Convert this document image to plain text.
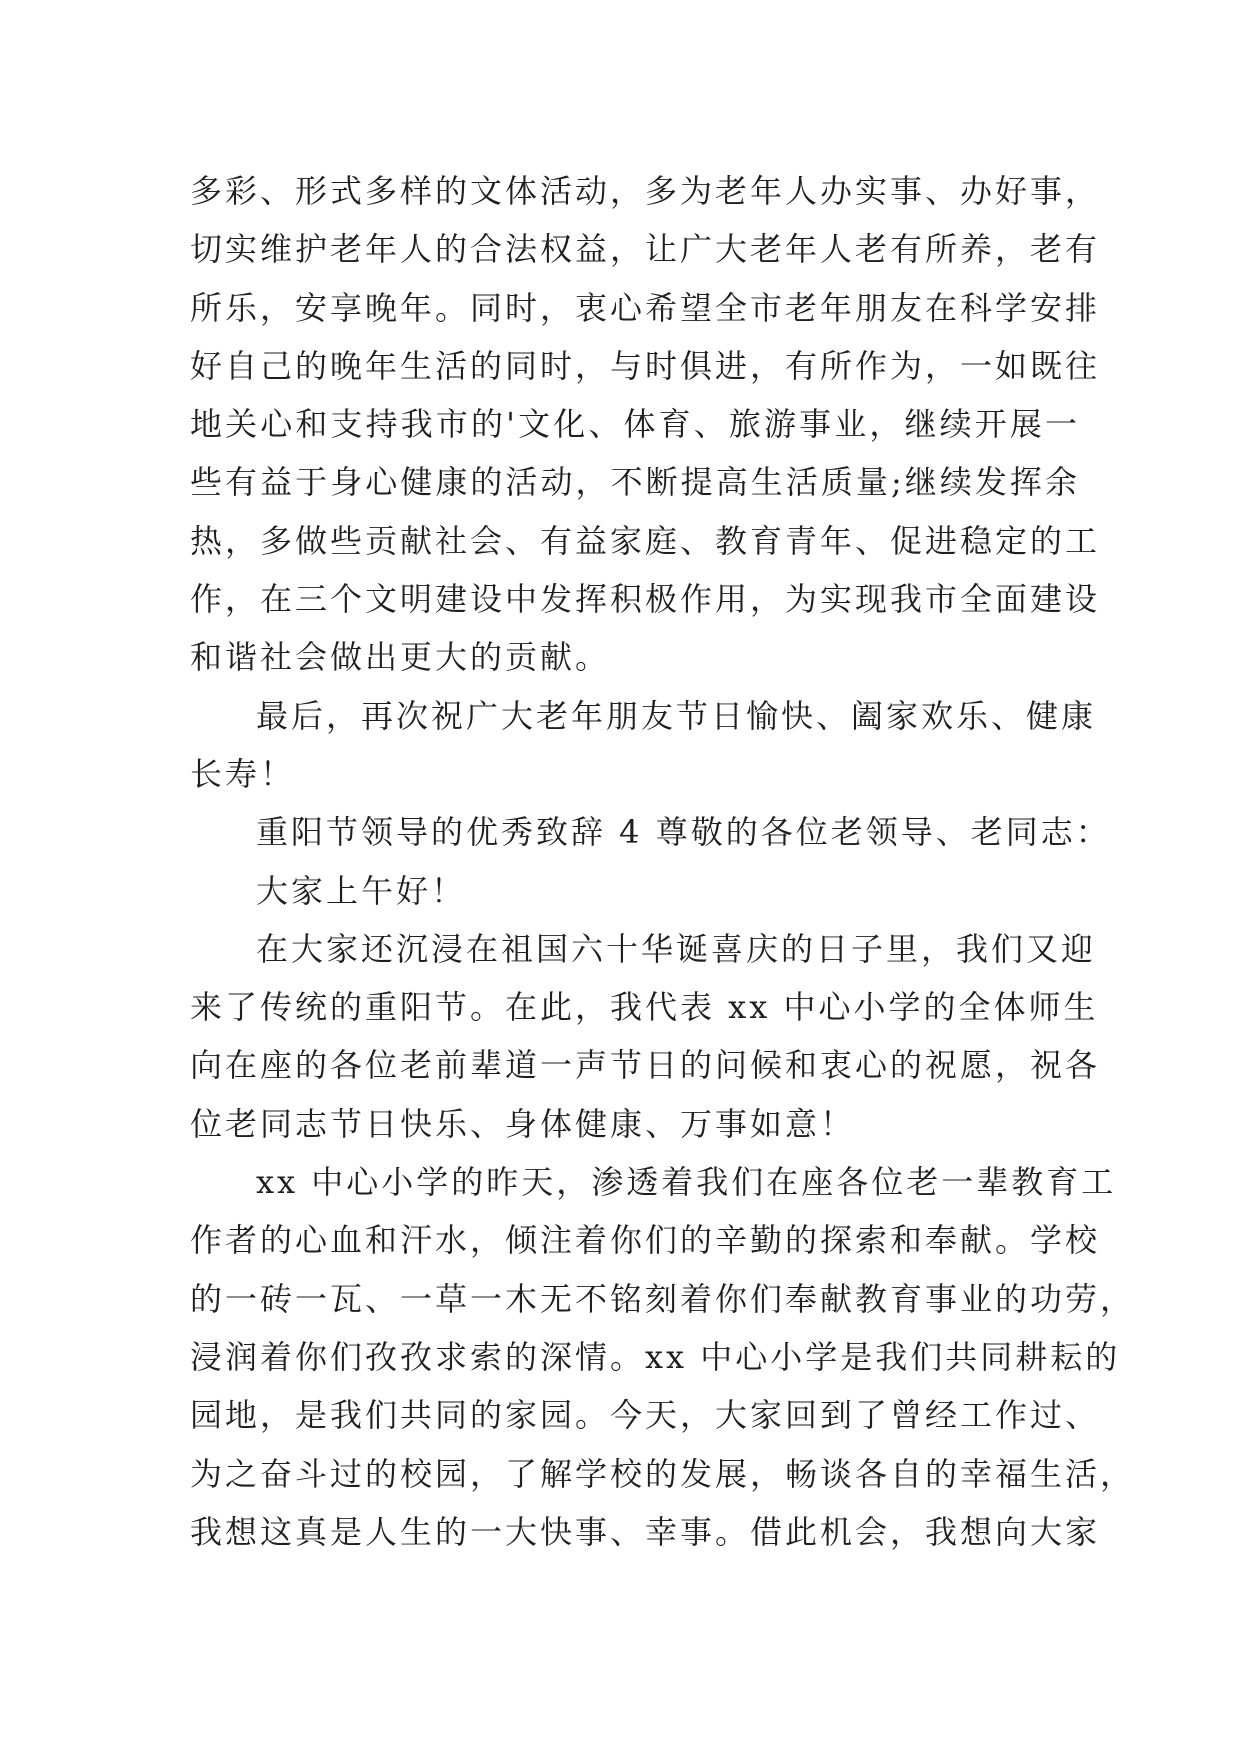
多彩、形式多样的文体活动，多为老年人办实事、办好事，
切实维护老年人的合法权益，让广大老年人老有所养，老有
所乐，安享晚年。同时，衷心希望全市老年朋友在科学安排
好自己的晚年生活的同时，与时俱进，有所作为，一如既往
地关心和支持我市的'文化、体育、旅游事业，继续开展一
些有益于身心健康的活动，不断提高生活质量;继续发挥余
热，多做些贡献社会、有益家庭、教育青年、促进稳定的工
作，在三个文明建设中发挥积极作用，为实现我市全面建设
和谐社会做出更大的贡献。
最后，再次祝广大老年朋友节日愉快、阖家欢乐、健康
长寿！
重阳节领导的优秀致辞 4 尊敬的各位老领导、老同志：
大家上午好！
在大家还沉浸在祖国六十华诞喜庆的日子里，我们又迎
来了传统的重阳节。在此，我代表 xx 中心小学的全体师生
向在座的各位老前辈道一声节日的问候和衷心的祝愿，祝各
位老同志节日快乐、身体健康、万事如意！
xx 中心小学的昨天，渗透着我们在座各位老一辈教育工
作者的心血和汗水，倾注着你们的辛勤的探索和奉献。学校
的一砖一瓦、一草一木无不铭刻着你们奉献教育事业的功劳，
浸润着你们孜孜求索的深情。xx 中心小学是我们共同耕耘的
园地，是我们共同的家园。今天，大家回到了曾经工作过、
为之奋斗过的校园，了解学校的发展，畅谈各自的幸福生活，
我想这真是人生的一大快事、幸事。借此机会，我想向大家
